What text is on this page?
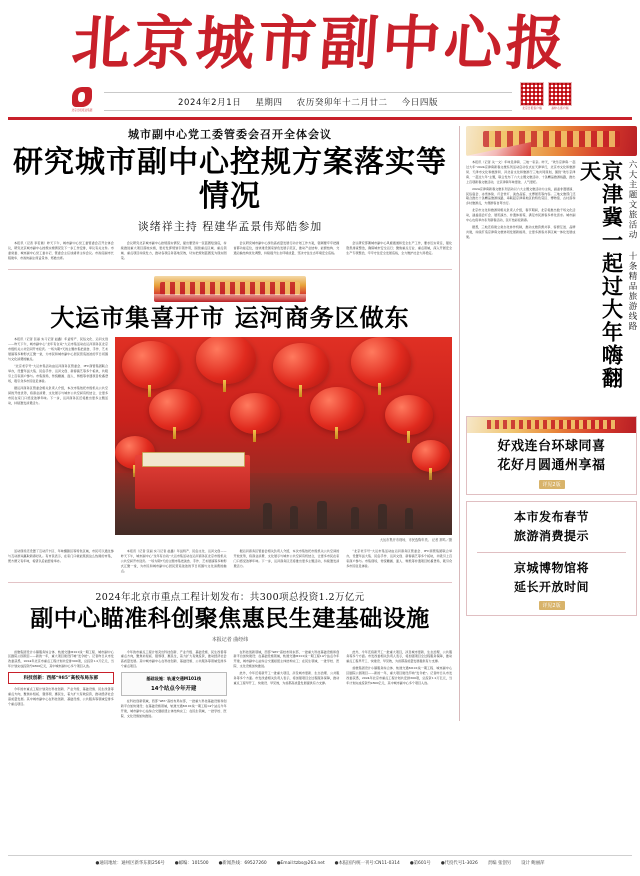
北京城市副中心报
北京日报报业集团
2024年2月1日 星期四 农历癸卯年十二月廿二 今日四版	北京日报客户端	副中心客户端
城市副中心党工委管委会召开全体会议
研究城市副中心控规方案落实等情况
谈绪祥主持 程建华孟景伟郑皓参加

本报讯（记者 李若晨）昨天下午，城市副中心党工委管委会召开全体会议，研究北京城市副中心控规实施情况及下一步工作安排，审议有关文件。市委常委、城市副中心党工委书记、管委会主任谈绪祥主持会议。市政府副市长程建华、市政协副主席孟景伟、郑皓出席。

会议研究北京城市副中心控规落实情况，提出要坚持一张蓝图绘到底，持续推进重大项目落地实施，更好发挥规划引领作用，围绕重点区域、重点领域、重点项目持续发力，推动各项任务落地见效，切实把规划蓝图变为现实图景。

会议研究城市副中心绿色高质量发展行动计划工作方案，强调要牢牢把握首都功能定位，加快建设国家绿色发展示范区，推动产业结构、能源结构、交通运输结构优化调整，持续提升生态环境质量，坚决守住生态环境安全底线。

会议研究部署城市副中心风廊通道和安全生产工作，要求压实责任，强化隐患排查整治，确保城市安全运行；聚焦重点行业、重点领域，深入开展安全生产专项整治，牢牢守住安全发展底线，全力维护社会大局稳定。

大运市集喜开市 运河商务区做东

本报讯（记者 张丽 实习记者 赵鑫）年货特产、民俗文化、运河文创——昨天下午，城市副中心“龙年有台戏”大运市集活动在运河商务区北京市级机关公共空间开市迎宾。一场为期7天的主题市集把美食、手作、艺术展演等多种形式汇聚一堂，为市民和城市副中心居民营造浓浓的节日氛围与文化消费的触点。

“北京老字号”大运市集活动由运河商务区管委会、IFC商管集团联合举办，设置年货大集、民俗手作、运河文创、新春演艺等多个板块，共吸引上百家商户参与。市集现场，传统糖画、面人、剪纸等非遗项目轮番登场，吸引众多市民驻足体验。

据运河商务区管委会相关负责人介绍，本次市集依托市级机关公共空间的开放优势，将商业消费、文化展示与城市公共空间有机结合，让更多市民在家门口感受浓厚年味。下一步，运河商务区还将推出更多主题活动，持续激发消费活力。

大运市集开市现场，市民选购年货。 记者 常鸣／摄

活动现场还设置了互动打卡区、年味摄影区等特色区域，市民可以通过参与互动游戏赢取新春好礼。有市民表示，在家门口就能逛到这么热闹的市集，既方便又有年味，希望以后能经常举办。

本报讯（记者 张丽 实习记者 赵鑫）年货特产、民俗文化、运河文创——昨天下午，城市副中心“龙年有台戏”大运市集活动在运河商务区北京市级机关公共空间开市迎宾。一场为期7天的主题市集把美食、手作、艺术展演等多种形式汇聚一堂，为市民和城市副中心居民营造浓浓的节日氛围与文化消费的触点。

据运河商务区管委会相关负责人介绍，本次市集依托市级机关公共空间的开放优势，将商业消费、文化展示与城市公共空间有机结合，让更多市民在家门口感受浓厚年味。下一步，运河商务区还将推出更多主题活动，持续激发消费活力。

“北京老字号”大运市集活动由运河商务区管委会、IFC商管集团联合举办，设置年货大集、民俗手作、运河文创、新春演艺等多个板块，共吸引上百家商户参与。市集现场，传统糖画、面人、剪纸等非遗项目轮番登场，吸引众多市民驻足体验。

2024年北京市重点工程计划发布：共300项总投资1.2万亿元
副中心瞄准科创聚焦惠民生建基础设施
本报记者 曲经纬

首旅集团设计小镇服务综合体、轨道交通M101线一期工程、城市副中心区剧院公园项目——新的一年，重大项目建设打响“发令枪”。记者昨日从市发改委获悉，2024年北京市重点工程计划共安排300项，总投资1.2万亿元，当年计划完成投资约2800亿元，其中城市副中心多个项目入选。

科技创新：西部“985”高校布局东部

今年的市重点工程计划突出科技创新、产业升级、基础设施、民生改善等重点方向，聚焦补短板、强弱项、惠民生，着力扩大有效投资，推动经济社会高质量发展。其中城市副中心在科技创新、基础设施、公共服务等领域安排多个重点项目。

今年的市重点工程计划突出科技创新、产业升级、基础设施、民生改善等重点方向，聚焦补短板、强弱项、惠民生，着力扩大有效投资，推动经济社会高质量发展。其中城市副中心在科技创新、基础设施、公共服务等领域安排多个重点项目。

基础设施：轨道交通M101线
14个站点今年开建

在科技创新领域，西部“985”高校布局东部，一批重大科技基础设施和创新平台加快建设；在基础设施领域，轨道交通M101线一期工程14个站点今年开建，城市副中心站综合交通枢纽主体结构完工；在民生领域，一批学校、医院、文化设施加快推进。

在科技创新领域，西部“985”高校布局东部，一批重大科技基础设施和创新平台加快建设；在基础设施领域，轨道交通M101线一期工程14个站点今年开建，城市副中心站综合交通枢纽主体结构完工；在民生领域，一批学校、医院、文化设施加快推进。

此外，今年还将新开工一批重大项目，涉及城市更新、生态治理、公共服务等多个方面。市发改委相关负责人表示，将加强项目全过程服务保障，推动重点工程早开工、快建设、早见效，为首都高质量发展提供有力支撑。

此外，今年还将新开工一批重大项目，涉及城市更新、生态治理、公共服务等多个方面。市发改委相关负责人表示，将加强项目全过程服务保障，推动重点工程早开工、快建设、早见效，为首都高质量发展提供有力支撑。

首旅集团设计小镇服务综合体、轨道交通M101线一期工程、城市副中心区剧院公园项目——新的一年，重大项目建设打响“发令枪”。记者昨日从市发改委获悉，2024年北京市重点工程计划共安排300项，总投资1.2万亿元，当年计划完成投资约2800亿元，其中城市副中心多个项目入选。

本报讯（记者 关一文）年味足津冀、三地一家亲。昨天，“欢乐京津冀·一起过大年”2024京津冀新春文旅系列活动启动仪式在天津举行，北京市文化和旅游局、天津市文化和旅游局、河北省文化和旅游厅三地共同谋划，围绕“欢乐京津冀、一起过大年”主题，联合发布了六大主题文旅活动、十条精品旅游线路，推出上百项新春文旅活动，让京津冀年味更浓、人气更旺。

2024京津冀新春文旅系列活动以六大主题文旅活动为主线，涵盖非遗展演、民俗庙会、冰雪体验、灯会赏灯、美食品鉴、文博展览等内容。三地文旅部门还联合推出十条精品旅游线路，串联起京津冀地区的特色景区、博物馆、古村落和乡村旅游点，方便游客自驾出行。

北京市文化和旅游局相关负责人介绍，春节期间，北京将推出数千场文化活动，涵盖庙会灯会、展览演出、非遗体验等，满足市民游客多样化需求。城市副中心也将举办系列新春活动，张灯结彩迎新春。

据悉，三地还将建立常态化协作机制，推动文旅资源共享、客源互送、品牌共建，持续打造京津冀文旅协同发展新格局，让更多游客共享区域一体化发展成果。	京津冀一起过大年嗨翻天	六大主题文旅活动 十条精品旅游线路
好戏连台环球同喜
花好月圆通州享福
详见2版
本市发布春节
旅游消费提示
京城博物馆将
延长开放时间
详见2版
●通讯地址：通州区新华东街256号 ●邮编：101500 ●新闻热线：69527260 ●Email:tzbs@263.net ●本报国内统一刊号:CN11-0314 ●第601号 ●代投代号1-3026 责编 张创另 设计 鲍丽萍
